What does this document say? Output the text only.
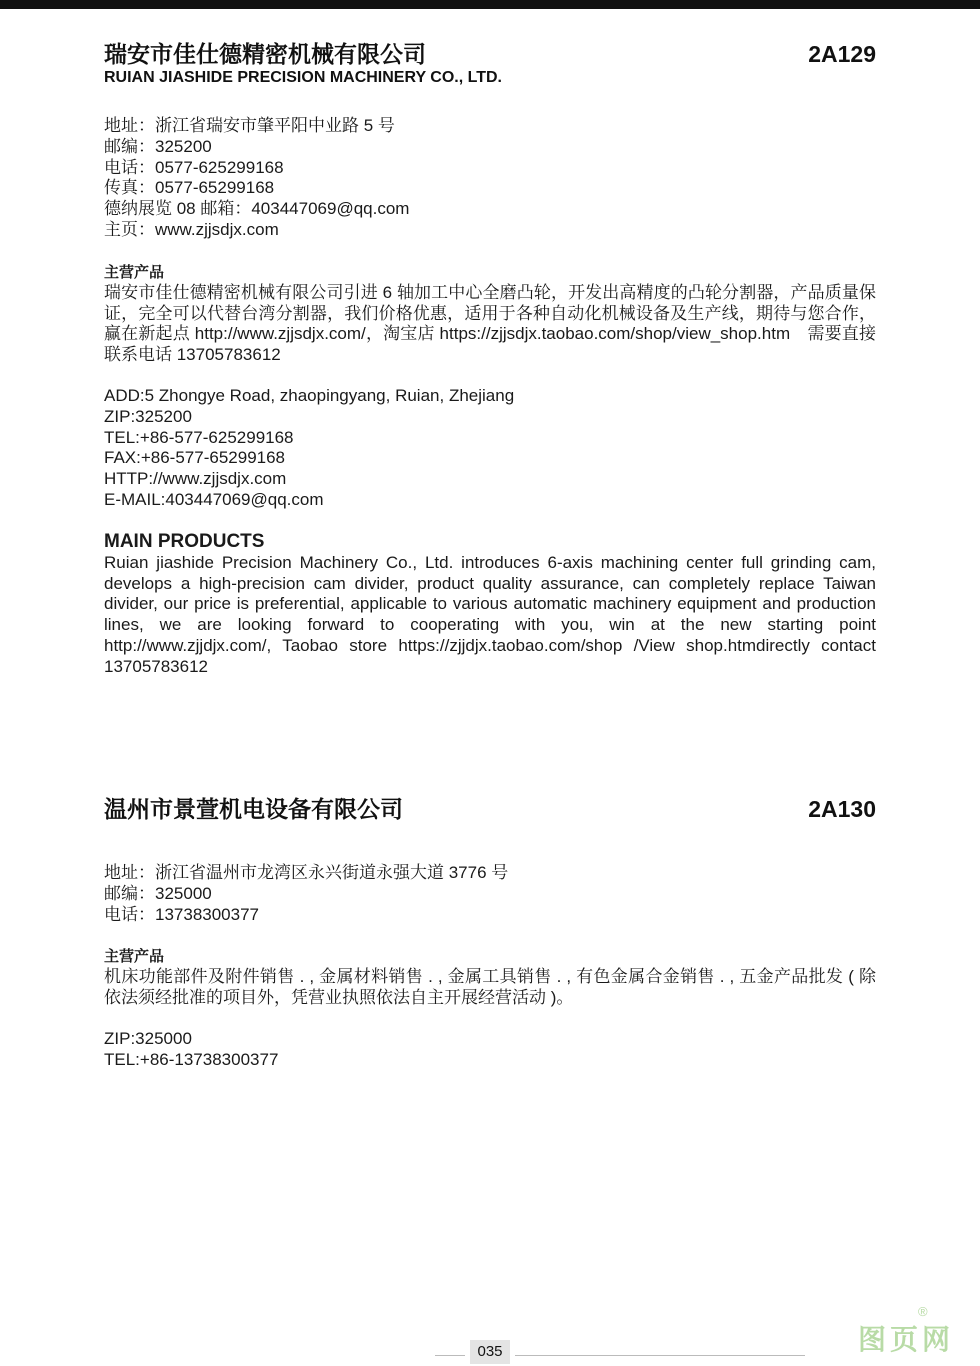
2A129
瑞安市佳仕德精密机械有限公司
RUIAN JIASHIDE PRECISION MACHINERY CO., LTD.
地址：浙江省瑞安市肇平阳中业路 5 号
邮编：325200
电话：0577-625299168
传真：0577-65299168
德纳展览 08 邮箱：403447069@qq.com
主页：www.zjjsdjx.com
主营产品
瑞安市佳仕德精密机械有限公司引进 6 轴加工中心全磨凸轮，开发出高精度的凸轮分割器，产品质量保证，完全可以代替台湾分割器，我们价格优惠，适用于各种自动化机械设备及生产线，期待与您合作，赢在新起点 http://www.zjjsdjx.com/，淘宝店 https://zjjsdjx.taobao.com/shop/view_shop.htm　需要直接联系电话 13705783612
ADD:5 Zhongye Road, zhaopingyang, Ruian, Zhejiang
ZIP:325200
TEL:+86-577-625299168
FAX:+86-577-65299168
HTTP://www.zjjsdjx.com
E-MAIL:403447069@qq.com
MAIN PRODUCTS
Ruian jiashide Precision Machinery Co., Ltd. introduces 6-axis machining center full grinding cam, develops a high-precision cam divider, product quality assurance, can completely replace Taiwan divider, our price is preferential, applicable to various automatic machinery equipment and production lines, we are looking forward to cooperating with you, win at the new starting point http://www.zjjdjx.com/, Taobao store https://zjjdjx.taobao.com/shop /View shop.htmdirectly contact 13705783612
2A130
温州市景萱机电设备有限公司
地址：浙江省温州市龙湾区永兴街道永强大道 3776 号
邮编：325000
电话：13738300377
主营产品
机床功能部件及附件销售 . , 金属材料销售 . , 金属工具销售 . , 有色金属合金销售 . , 五金产品批发 ( 除依法须经批准的项目外，凭营业执照依法自主开展经营活动 )。
ZIP:325000
TEL:+86-13738300377
035	图页网
®
